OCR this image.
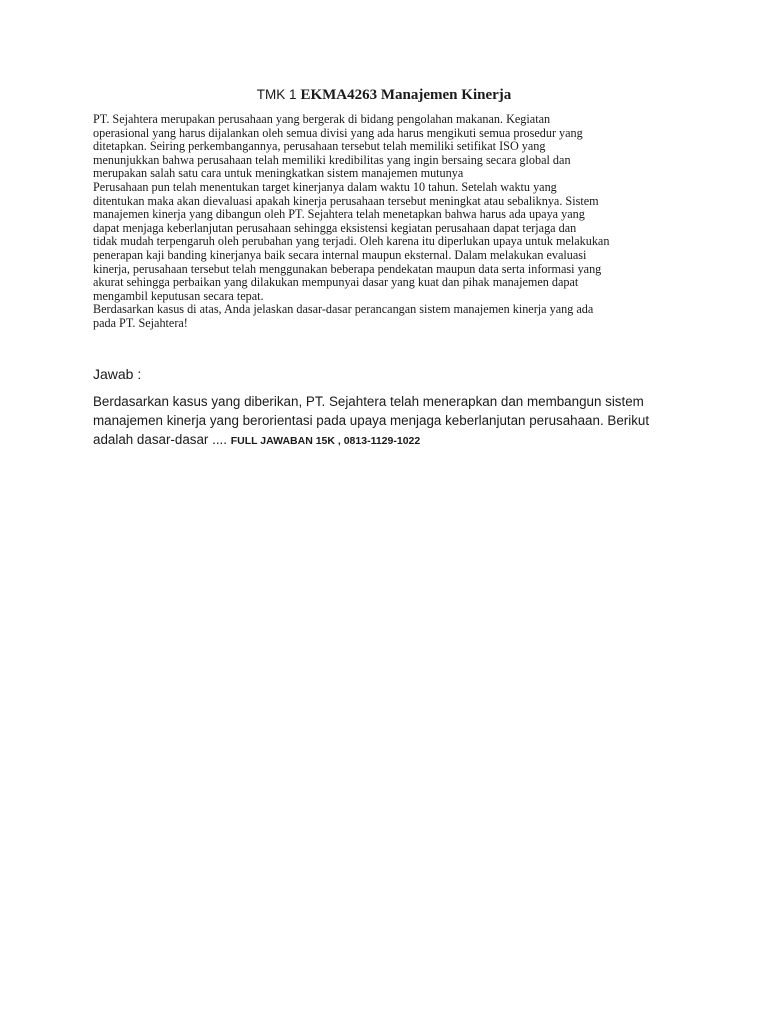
TMK 1 EKMA4263 Manajemen Kinerja

PT. Sejahtera merupakan perusahaan yang bergerak di bidang pengolahan makanan. Kegiatan

operasional yang harus dijalankan oleh semua divisi yang ada harus mengikuti semua prosedur yang

ditetapkan. Seiring perkembangannya, perusahaan tersebut telah memiliki setifikat ISO yang

menunjukkan bahwa perusahaan telah memiliki kredibilitas yang ingin bersaing secara global dan

merupakan salah satu cara untuk meningkatkan sistem manajemen mutunya

Perusahaan pun telah menentukan target kinerjanya dalam waktu 10 tahun. Setelah waktu yang

ditentukan maka akan dievaluasi apakah kinerja perusahaan tersebut meningkat atau sebaliknya. Sistem

manajemen kinerja yang dibangun oleh PT. Sejahtera telah menetapkan bahwa harus ada upaya yang

dapat menjaga keberlanjutan perusahaan sehingga eksistensi kegiatan perusahaan dapat terjaga dan

tidak mudah terpengaruh oleh perubahan yang terjadi. Oleh karena itu diperlukan upaya untuk melakukan

penerapan kaji banding kinerjanya baik secara internal maupun eksternal. Dalam melakukan evaluasi

kinerja, perusahaan tersebut telah menggunakan beberapa pendekatan maupun data serta informasi yang

akurat sehingga perbaikan yang dilakukan mempunyai dasar yang kuat dan pihak manajemen dapat

mengambil keputusan secara tepat.

Berdasarkan kasus di atas, Anda jelaskan dasar-dasar perancangan sistem manajemen kinerja yang ada

pada PT. Sejahtera!

Jawab :

Berdasarkan kasus yang diberikan, PT. Sejahtera telah menerapkan dan membangun sistem

manajemen kinerja yang berorientasi pada upaya menjaga keberlanjutan perusahaan. Berikut

adalah dasar-dasar .... FULL JAWABAN 15K , 0813-1129-1022
